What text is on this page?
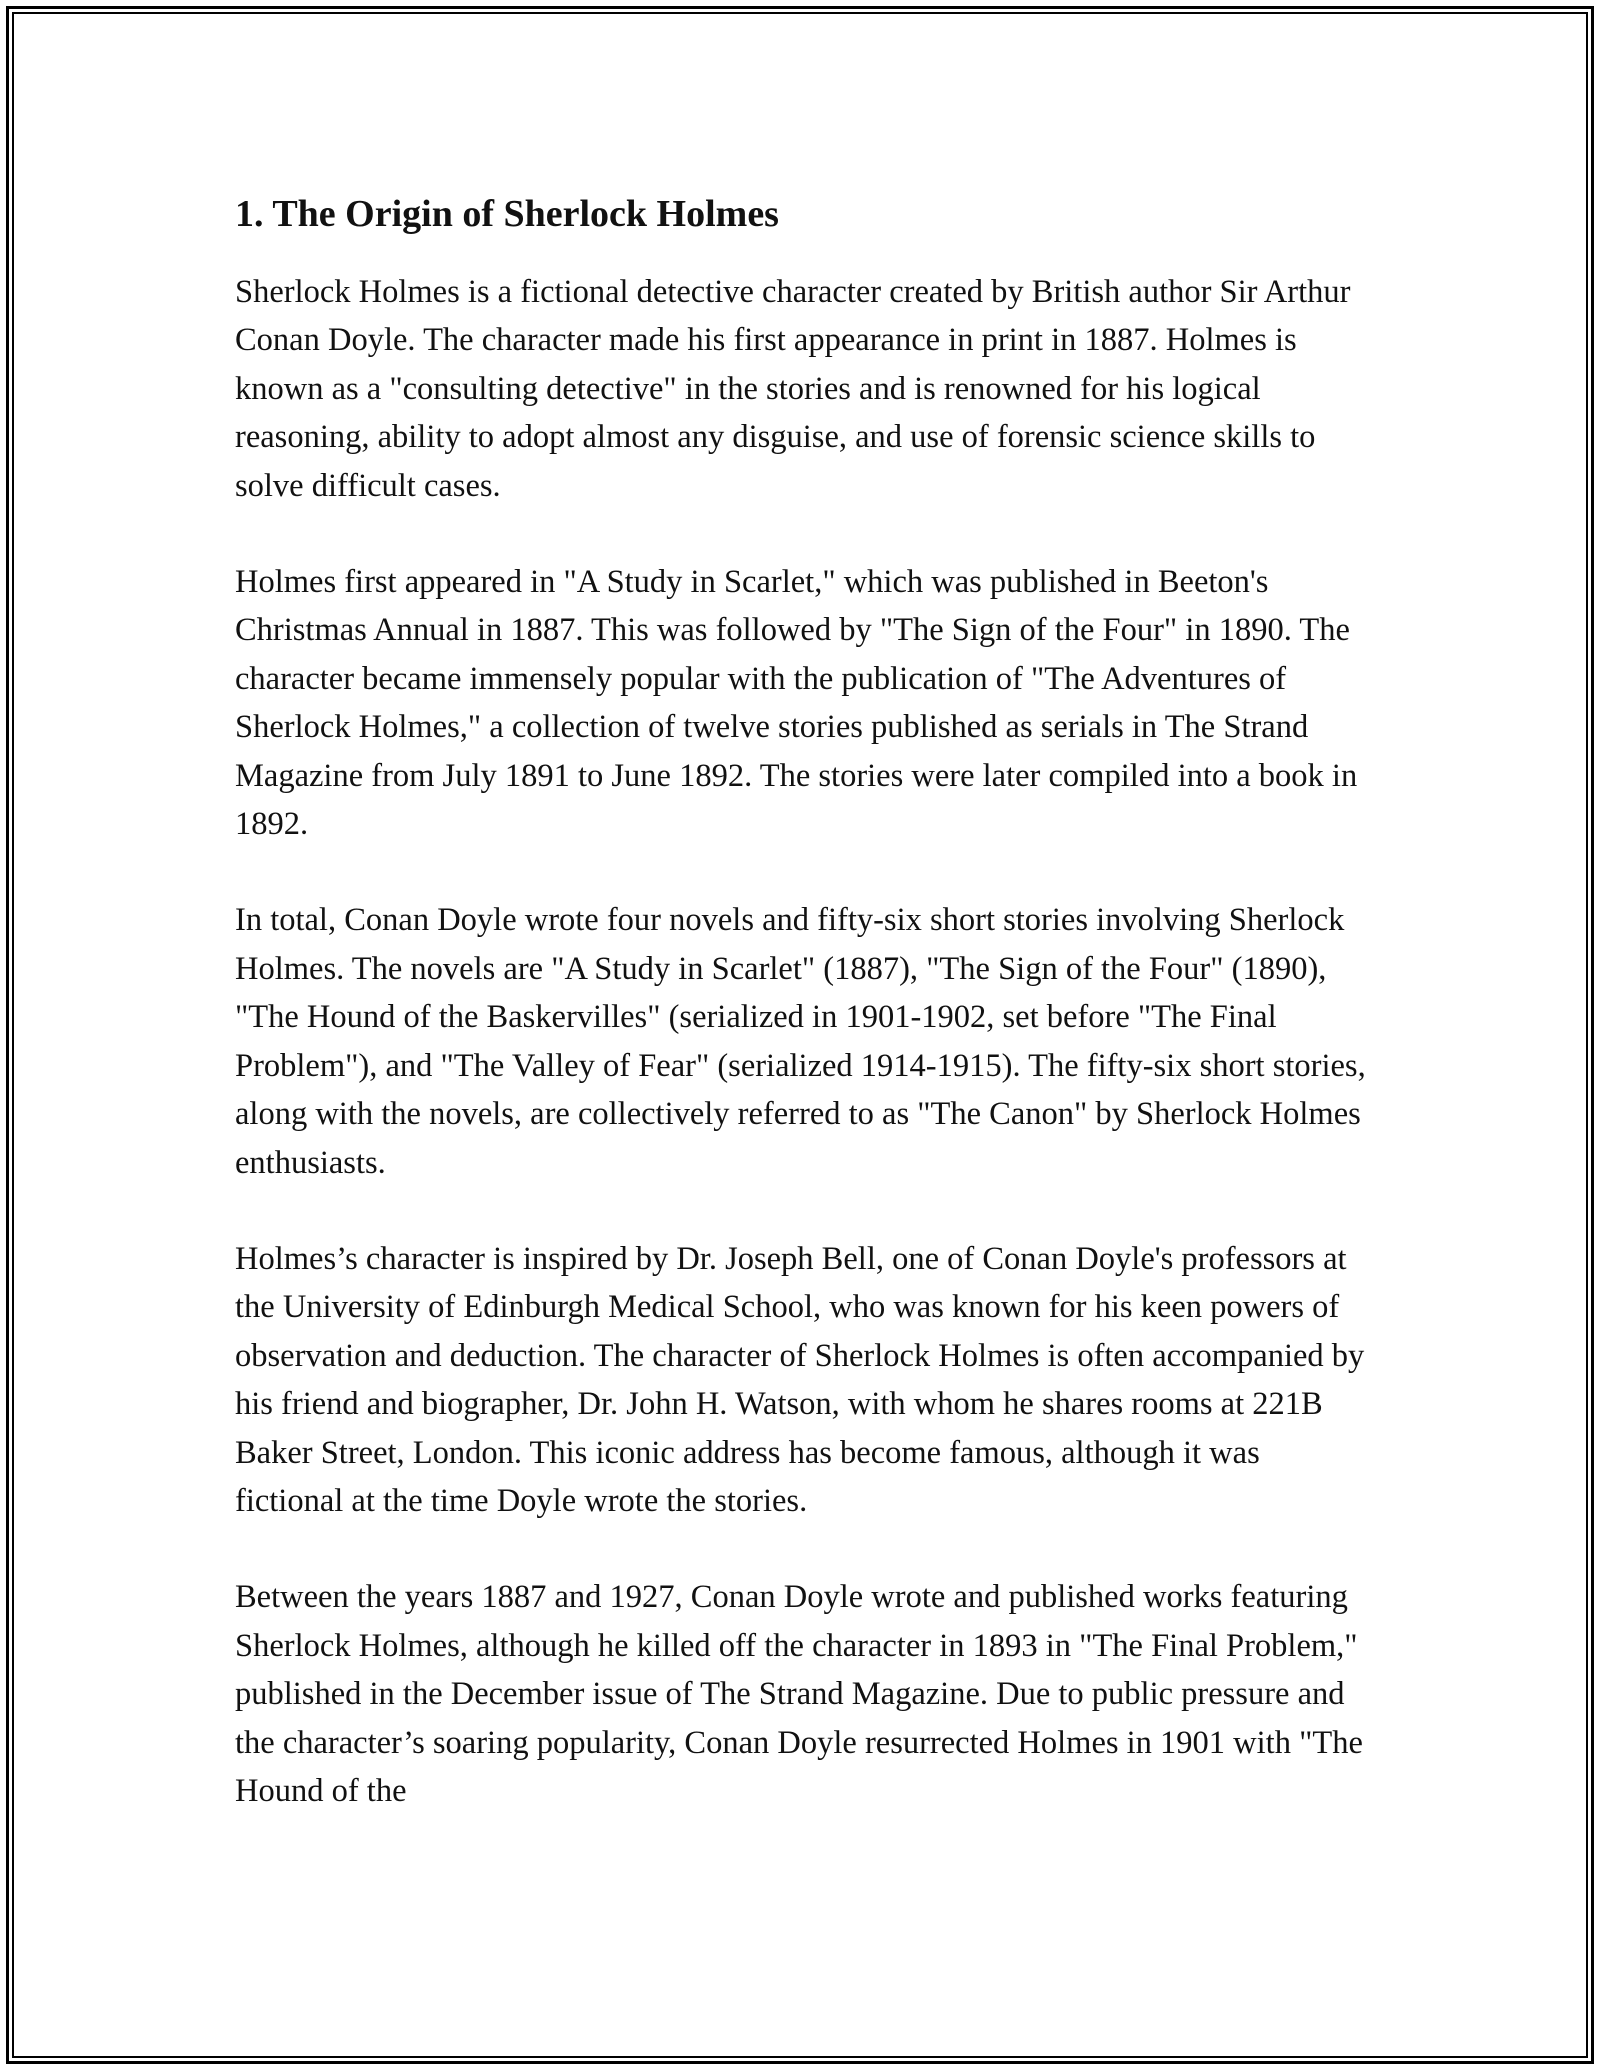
1. The Origin of Sherlock Holmes

Sherlock Holmes is a fictional detective character created by British author Sir Arthur Conan Doyle. The character made his first appearance in print in 1887. Holmes is known as a "consulting detective" in the stories and is renowned for his logical reasoning, ability to adopt almost any disguise, and use of forensic science skills to solve difficult cases.

Holmes first appeared in "A Study in Scarlet," which was published in Beeton's Christmas Annual in 1887. This was followed by "The Sign of the Four" in 1890. The character became immensely popular with the publication of "The Adventures of Sherlock Holmes," a collection of twelve stories published as serials in The Strand Magazine from July 1891 to June 1892. The stories were later compiled into a book in 1892.

In total, Conan Doyle wrote four novels and fifty-six short stories involving Sherlock Holmes. The novels are "A Study in Scarlet" (1887), "The Sign of the Four" (1890), "The Hound of the Baskervilles" (serialized in 1901-1902, set before "The Final Problem"), and "The Valley of Fear" (serialized 1914-1915). The fifty-six short stories, along with the novels, are collectively referred to as "The Canon" by Sherlock Holmes enthusiasts.

Holmes’s character is inspired by Dr. Joseph Bell, one of Conan Doyle's professors at the University of Edinburgh Medical School, who was known for his keen powers of observation and deduction. The character of Sherlock Holmes is often accompanied by his friend and biographer, Dr. John H. Watson, with whom he shares rooms at 221B Baker Street, London. This iconic address has become famous, although it was fictional at the time Doyle wrote the stories.

Between the years 1887 and 1927, Conan Doyle wrote and published works featuring Sherlock Holmes, although he killed off the character in 1893 in "The Final Problem," published in the December issue of The Strand Magazine. Due to public pressure and the character’s soaring popularity, Conan Doyle resurrected Holmes in 1901 with "The Hound of the
